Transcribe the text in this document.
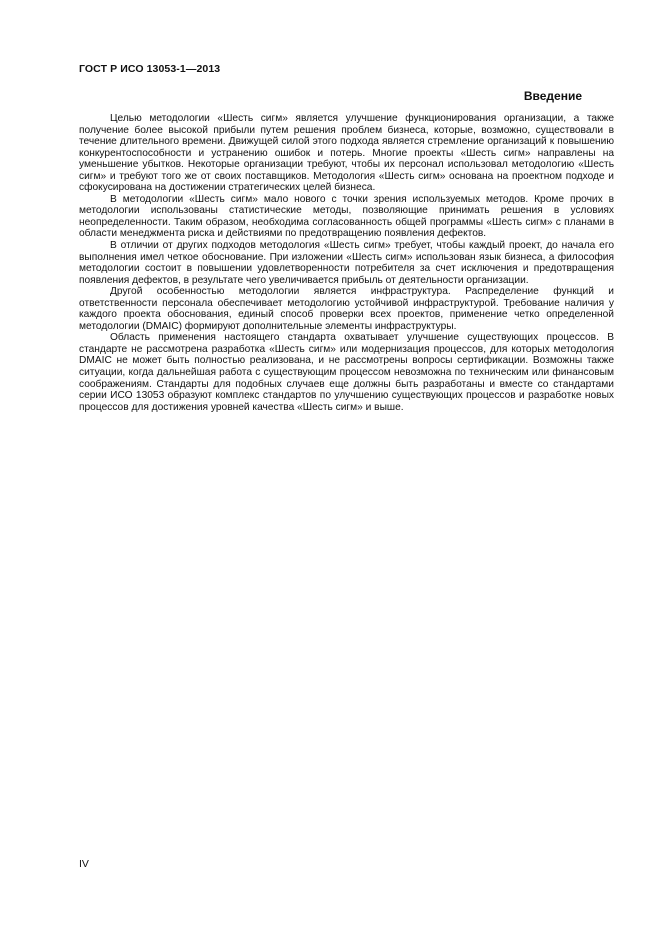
ГОСТ Р ИСО 13053-1—2013
Введение

Целью методологии «Шесть сигм» является улучшение функционирования организации, а также получение более высокой прибыли путем решения проблем бизнеса, которые, возможно, существовали в течение длительного времени. Движущей силой этого подхода является стремление организаций к повышению конкурентоспособности и устранению ошибок и потерь. Многие проекты «Шесть сигм» направлены на уменьшение убытков. Некоторые организации требуют, чтобы их персонал использовал методологию «Шесть сигм» и требуют того же от своих поставщиков. Методология «Шесть сигм» основана на проектном подходе и сфокусирована на достижении стратегических целей бизнеса.

В методологии «Шесть сигм» мало нового с точки зрения используемых методов. Кроме прочих в методологии использованы статистические методы, позволяющие принимать решения в условиях неопределенности. Таким образом, необходима согласованность общей программы «Шесть сигм» с планами в области менеджмента риска и действиями по предотвращению появления дефектов.

В отличии от других подходов методология «Шесть сигм» требует, чтобы каждый проект, до начала его выполнения имел четкое обоснование. При изложении «Шесть сигм» использован язык бизнеса, а философия методологии состоит в повышении удовлетворенности потребителя за счет исключения и предотвращения появления дефектов, в результате чего увеличивается прибыль от деятельности организации.

Другой особенностью методологии является инфраструктура. Распределение функций и ответственности персонала обеспечивает методологию устойчивой инфраструктурой. Требование наличия у каждого проекта обоснования, единый способ проверки всех проектов, применение четко определенной методологии (DMAIC) формируют дополнительные элементы инфраструктуры.

Область применения настоящего стандарта охватывает улучшение существующих процессов. В стандарте не рассмотрена разработка «Шесть сигм» или модернизация процессов, для которых методология DMAIC не может быть полностью реализована, и не рассмотрены вопросы сертификации. Возможны также ситуации, когда дальнейшая работа с существующим процессом невозможна по техническим или финансовым соображениям. Стандарты для подобных случаев еще должны быть разработаны и вместе со стандартами серии ИСО 13053 образуют комплекс стандартов по улучшению существующих процессов и разработке новых процессов для достижения уровней качества «Шесть сигм» и выше.

IV
